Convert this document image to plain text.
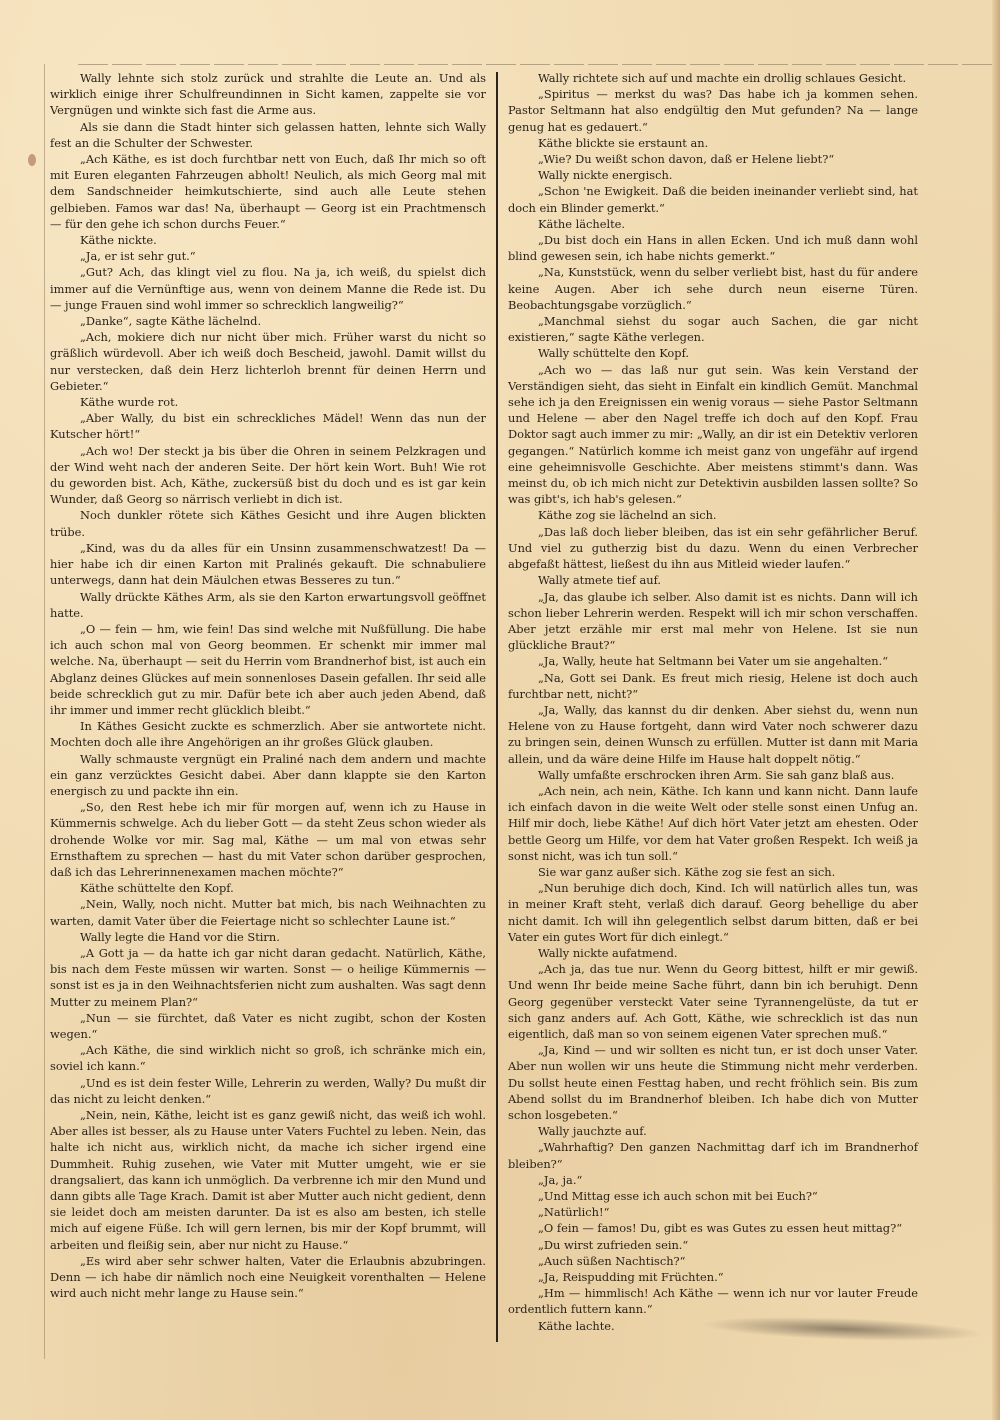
Wally lehnte sich stolz zurück und strahlte die Leute an. Und als wirklich einige ihrer Schulfreundinnen in Sicht kamen, zappelte sie vor Vergnügen und winkte sich fast die Arme aus.

Als sie dann die Stadt hinter sich gelassen hatten, lehnte sich Wally fest an die Schulter der Schwester.

„Ach Käthe, es ist doch furchtbar nett von Euch, daß Ihr mich so oft mit Euren eleganten Fahrzeugen abholt! Neulich, als mich Georg mal mit dem Sandschneider heimkutschierte, sind auch alle Leute stehen gelbieben. Famos war das! Na, überhaupt — Georg ist ein Prachtmensch — für den gehe ich schon durchs Feuer.“

Käthe nickte.

„Ja, er ist sehr gut.“

„Gut? Ach, das klingt viel zu flou. Na ja, ich weiß, du spielst dich immer auf die Vernünftige aus, wenn von deinem Manne die Rede ist. Du — junge Frauen sind wohl immer so schrecklich langweilig?“

„Danke“, sagte Käthe lächelnd.

„Ach, mokiere dich nur nicht über mich. Früher warst du nicht so gräßlich würdevoll. Aber ich weiß doch Bescheid, jawohl. Damit willst du nur verstecken, daß dein Herz lichterloh brennt für deinen Herrn und Gebieter.“

Käthe wurde rot.

„Aber Wally, du bist ein schreckliches Mädel! Wenn das nun der Kutscher hört!“

„Ach wo! Der steckt ja bis über die Ohren in seinem Pelzkragen und der Wind weht nach der anderen Seite. Der hört kein Wort. Buh! Wie rot du geworden bist. Ach, Käthe, zuckersüß bist du doch und es ist gar kein Wunder, daß Georg so närrisch verliebt in dich ist.

Noch dunkler rötete sich Käthes Gesicht und ihre Augen blickten trübe.

„Kind, was du da alles für ein Unsinn zusammenschwatzest! Da — hier habe ich dir einen Karton mit Pralinés gekauft. Die schnabuliere unterwegs, dann hat dein Mäulchen etwas Besseres zu tun.“

Wally drückte Käthes Arm, als sie den Karton erwartungsvoll geöffnet hatte.

„O — fein — hm, wie fein! Das sind welche mit Nußfüllung. Die habe ich auch schon mal von Georg beommen. Er schenkt mir immer mal welche. Na, überhaupt — seit du Herrin vom Brandnerhof bist, ist auch ein Abglanz deines Glückes auf mein sonnenloses Dasein gefallen. Ihr seid alle beide schrecklich gut zu mir. Dafür bete ich aber auch jeden Abend, daß ihr immer und immer recht glücklich bleibt.“

In Käthes Gesicht zuckte es schmerzlich. Aber sie antwortete nicht. Mochten doch alle ihre Angehörigen an ihr großes Glück glauben.

Wally schmauste vergnügt ein Praliné nach dem andern und machte ein ganz verzücktes Gesicht dabei. Aber dann klappte sie den Karton energisch zu und packte ihn ein.

„So, den Rest hebe ich mir für morgen auf, wenn ich zu Hause in Kümmernis schwelge. Ach du lieber Gott — da steht Zeus schon wieder als drohende Wolke vor mir. Sag mal, Käthe — um mal von etwas sehr Ernsthaftem zu sprechen — hast du mit Vater schon darüber gesprochen, daß ich das Lehrerinnenexamen machen möchte?“

Käthe schüttelte den Kopf.

„Nein, Wally, noch nicht. Mutter bat mich, bis nach Weihnachten zu warten, damit Vater über die Feiertage nicht so schlechter Laune ist.“

Wally legte die Hand vor die Stirn.

„A Gott ja — da hatte ich gar nicht daran gedacht. Natürlich, Käthe, bis nach dem Feste müssen wir warten. Sonst — o heilige Kümmernis — sonst ist es ja in den Weihnachtsferien nicht zum aushalten. Was sagt denn Mutter zu meinem Plan?“

„Nun — sie fürchtet, daß Vater es nicht zugibt, schon der Kosten wegen.“

„Ach Käthe, die sind wirklich nicht so groß, ich schränke mich ein, soviel ich kann.“

„Und es ist dein fester Wille, Lehrerin zu werden, Wally? Du mußt dir das nicht zu leicht denken.“

„Nein, nein, Käthe, leicht ist es ganz gewiß nicht, das weiß ich wohl. Aber alles ist besser, als zu Hause unter Vaters Fuchtel zu leben. Nein, das halte ich nicht aus, wirklich nicht, da mache ich sicher irgend eine Dummheit. Ruhig zusehen, wie Vater mit Mutter umgeht, wie er sie drangsaliert, das kann ich unmöglich. Da verbrenne ich mir den Mund und dann gibts alle Tage Krach. Damit ist aber Mutter auch nicht gedient, denn sie leidet doch am meisten darunter. Da ist es also am besten, ich stelle mich auf eigene Füße. Ich will gern lernen, bis mir der Kopf brummt, will arbeiten und fleißig sein, aber nur nicht zu Hause.“

„Es wird aber sehr schwer halten, Vater die Erlaubnis abzubringen. Denn — ich habe dir nämlich noch eine Neuigkeit vorenthalten — Helene wird auch nicht mehr lange zu Hause sein.“

Wally richtete sich auf und machte ein drollig schlaues Gesicht.

„Spiritus — merkst du was? Das habe ich ja kommen sehen. Pastor Seltmann hat also endgültig den Mut gefunden? Na — lange genug hat es gedauert.“

Käthe blickte sie erstaunt an.

„Wie? Du weißt schon davon, daß er Helene liebt?“

Wally nickte energisch.

„Schon 'ne Ewigkeit. Daß die beiden ineinander verliebt sind, hat doch ein Blinder gemerkt.“

Käthe lächelte.

„Du bist doch ein Hans in allen Ecken. Und ich muß dann wohl blind gewesen sein, ich habe nichts gemerkt.“

„Na, Kunststück, wenn du selber verliebt bist, hast du für andere keine Augen. Aber ich sehe durch neun eiserne Türen. Beobachtungsgabe vorzüglich.“

„Manchmal siehst du sogar auch Sachen, die gar nicht existieren,“ sagte Käthe verlegen.

Wally schüttelte den Kopf.

„Ach wo — das laß nur gut sein. Was kein Verstand der Verständigen sieht, das sieht in Einfalt ein kindlich Gemüt. Manchmal sehe ich ja den Ereignissen ein wenig voraus — siehe Pastor Seltmann und Helene — aber den Nagel treffe ich doch auf den Kopf. Frau Doktor sagt auch immer zu mir: „Wally, an dir ist ein Detektiv verloren gegangen.“ Natürlich komme ich meist ganz von ungefähr auf irgend eine geheimnisvolle Geschichte. Aber meistens stimmt's dann. Was meinst du, ob ich mich nicht zur Detektivin ausbilden lassen sollte? So was gibt's, ich hab's gelesen.“

Käthe zog sie lächelnd an sich.

„Das laß doch lieber bleiben, das ist ein sehr gefährlicher Beruf. Und viel zu gutherzig bist du dazu. Wenn du einen Verbrecher abgefaßt hättest, ließest du ihn aus Mitleid wieder laufen.“

Wally atmete tief auf.

„Ja, das glaube ich selber. Also damit ist es nichts. Dann will ich schon lieber Lehrerin werden. Respekt will ich mir schon verschaffen. Aber jetzt erzähle mir erst mal mehr von Helene. Ist sie nun glückliche Braut?“

„Ja, Wally, heute hat Seltmann bei Vater um sie angehalten.“

„Na, Gott sei Dank. Es freut mich riesig, Helene ist doch auch furchtbar nett, nicht?“

„Ja, Wally, das kannst du dir denken. Aber siehst du, wenn nun Helene von zu Hause fortgeht, dann wird Vater noch schwerer dazu zu bringen sein, deinen Wunsch zu erfüllen. Mutter ist dann mit Maria allein, und da wäre deine Hilfe im Hause halt doppelt nötig.“

Wally umfaßte erschrocken ihren Arm. Sie sah ganz blaß aus.

„Ach nein, ach nein, Käthe. Ich kann und kann nicht. Dann laufe ich einfach davon in die weite Welt oder stelle sonst einen Unfug an. Hilf mir doch, liebe Käthe! Auf dich hört Vater jetzt am ehesten. Oder bettle Georg um Hilfe, vor dem hat Vater großen Respekt. Ich weiß ja sonst nicht, was ich tun soll.“

Sie war ganz außer sich. Käthe zog sie fest an sich.

„Nun beruhige dich doch, Kind. Ich will natürlich alles tun, was in meiner Kraft steht, verlaß dich darauf. Georg behellige du aber nicht damit. Ich will ihn gelegentlich selbst darum bitten, daß er bei Vater ein gutes Wort für dich einlegt.“

Wally nickte aufatmend.

„Ach ja, das tue nur. Wenn du Georg bittest, hilft er mir gewiß. Und wenn Ihr beide meine Sache führt, dann bin ich beruhigt. Denn Georg gegenüber versteckt Vater seine Tyrannengelüste, da tut er sich ganz anders auf. Ach Gott, Käthe, wie schrecklich ist das nun eigentlich, daß man so von seinem eigenen Vater sprechen muß.“

„Ja, Kind — und wir sollten es nicht tun, er ist doch unser Vater. Aber nun wollen wir uns heute die Stimmung nicht mehr verderben. Du sollst heute einen Festtag haben, und recht fröhlich sein. Bis zum Abend sollst du im Brandnerhof bleiben. Ich habe dich von Mutter schon losgebeten.“

Wally jauchzte auf.

„Wahrhaftig? Den ganzen Nachmittag darf ich im Brandnerhof bleiben?“

„Ja, ja.“

„Und Mittag esse ich auch schon mit bei Euch?“

„Natürlich!“

„O fein — famos! Du, gibt es was Gutes zu essen heut mittag?“

„Du wirst zufrieden sein.“

„Auch süßen Nachtisch?“

„Ja, Reispudding mit Früchten.“

„Hm — himmlisch! Ach Käthe — wenn ich nur vor lauter Freude ordentlich futtern kann.“

Käthe lachte.
